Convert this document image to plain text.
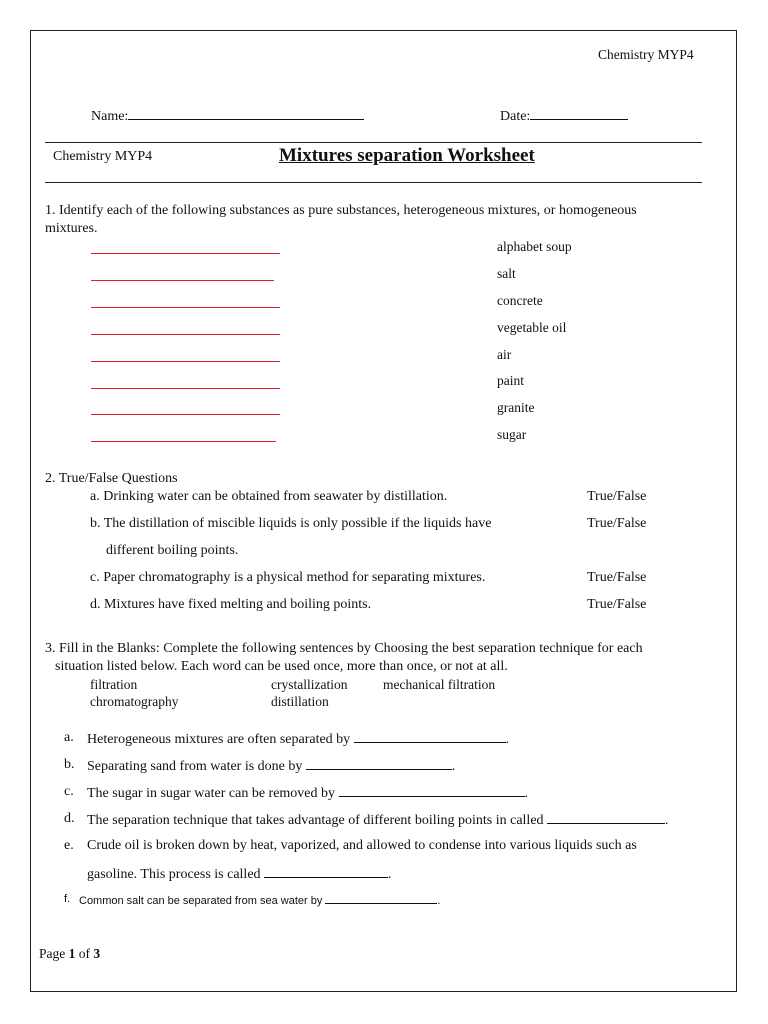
Chemistry MYP4
Name:	Date:
Chemistry MYP4	Mixtures separation Worksheet
1. Identify each of the following substances as pure substances, heterogeneous mixtures, or homogeneous
mixtures.
alphabet soup
salt
concrete
vegetable oil
air
paint
granite
sugar
2. True/False Questions
a. Drinking water can be obtained from seawater by distillation.	True/False
b. The distillation of miscible liquids is only possible if the liquids have	True/False
different boiling points.
c. Paper chromatography is a physical method for separating mixtures.	True/False
d. Mixtures have fixed melting and boiling points.	True/False
3. Fill in the Blanks: Complete the following sentences by Choosing the best separation technique for each
situation listed below. Each word can be used once, more than once, or not at all.
filtration	crystallization	mechanical filtration
chromatography	distillation
a. Heterogeneous mixtures are often separated by	.
b. Separating sand from water is done by	.
c. The sugar in sugar water can be removed by	.
d. The separation technique that takes advantage of different boiling points in called	.
e. Crude oil is broken down by heat, vaporized, and allowed to condense into various liquids such as
gasoline. This process is called	.
f. Common salt can be separated from sea water by	.
Page 1 of 3
